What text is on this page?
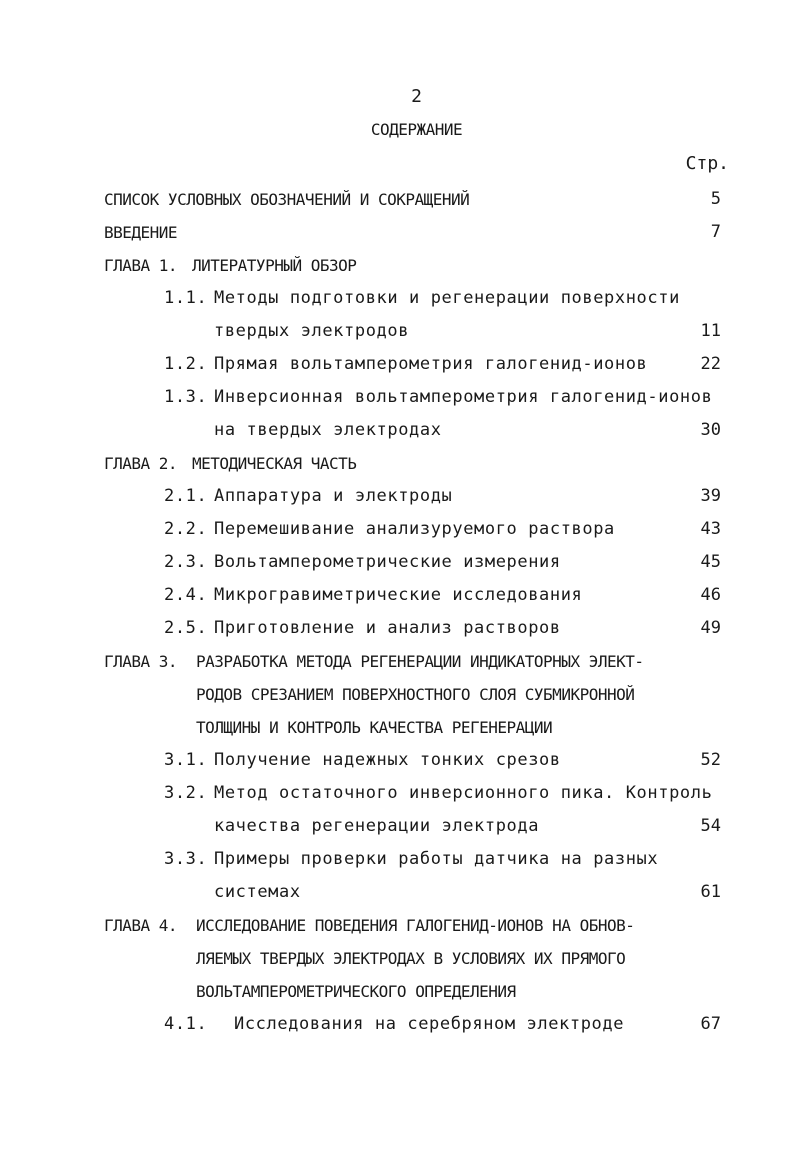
2
СОДЕРЖАНИЕ
Стр.
СПИСОК УСЛОВНЫХ ОБОЗНАЧЕНИЙ И СОКРАЩЕНИЙ	5
ВВЕДЕНИЕ	7
ГЛАВА 1. ЛИТЕРАТУРНЫЙ ОБЗОР
1.1. Методы подготовки и регенерации поверхности
твердых электродов	11
1.2. Прямая вольтамперометрия галогенид-ионов	22
1.3. Инверсионная вольтамперометрия галогенид-ионов
на твердых электродах	30
ГЛАВА 2. МЕТОДИЧЕСКАЯ ЧАСТЬ
2.1. Аппаратура и электроды	39
2.2. Перемешивание анализуруемого раствора	43
2.3. Вольтамперометрические измерения	45
2.4. Микрогравиметрические исследования	46
2.5. Приготовление и анализ растворов	49
ГЛАВА 3. РАЗРАБОТКА МЕТОДА РЕГЕНЕРАЦИИ ИНДИКАТОРНЫХ ЭЛЕКТ-
РОДОВ СРЕЗАНИЕМ ПОВЕРХНОСТНОГО СЛОЯ СУБМИКРОННОЙ
ТОЛЩИНЫ И КОНТРОЛЬ КАЧЕСТВА РЕГЕНЕРАЦИИ
3.1. Получение надежных тонких срезов	52
3.2. Метод остаточного инверсионного пика. Контроль
качества регенерации электрода	54
3.3. Примеры проверки работы датчика на разных
системах	61
ГЛАВА 4. ИССЛЕДОВАНИЕ ПОВЕДЕНИЯ ГАЛОГЕНИД-ИОНОВ НА ОБНОВ-
ЛЯЕМЫХ ТВЕРДЫХ ЭЛЕКТРОДАХ В УСЛОВИЯХ ИХ ПРЯМОГО
ВОЛЬТАМПЕРОМЕТРИЧЕСКОГО ОПРЕДЕЛЕНИЯ
4.1. Исследования на серебряном электроде	67
